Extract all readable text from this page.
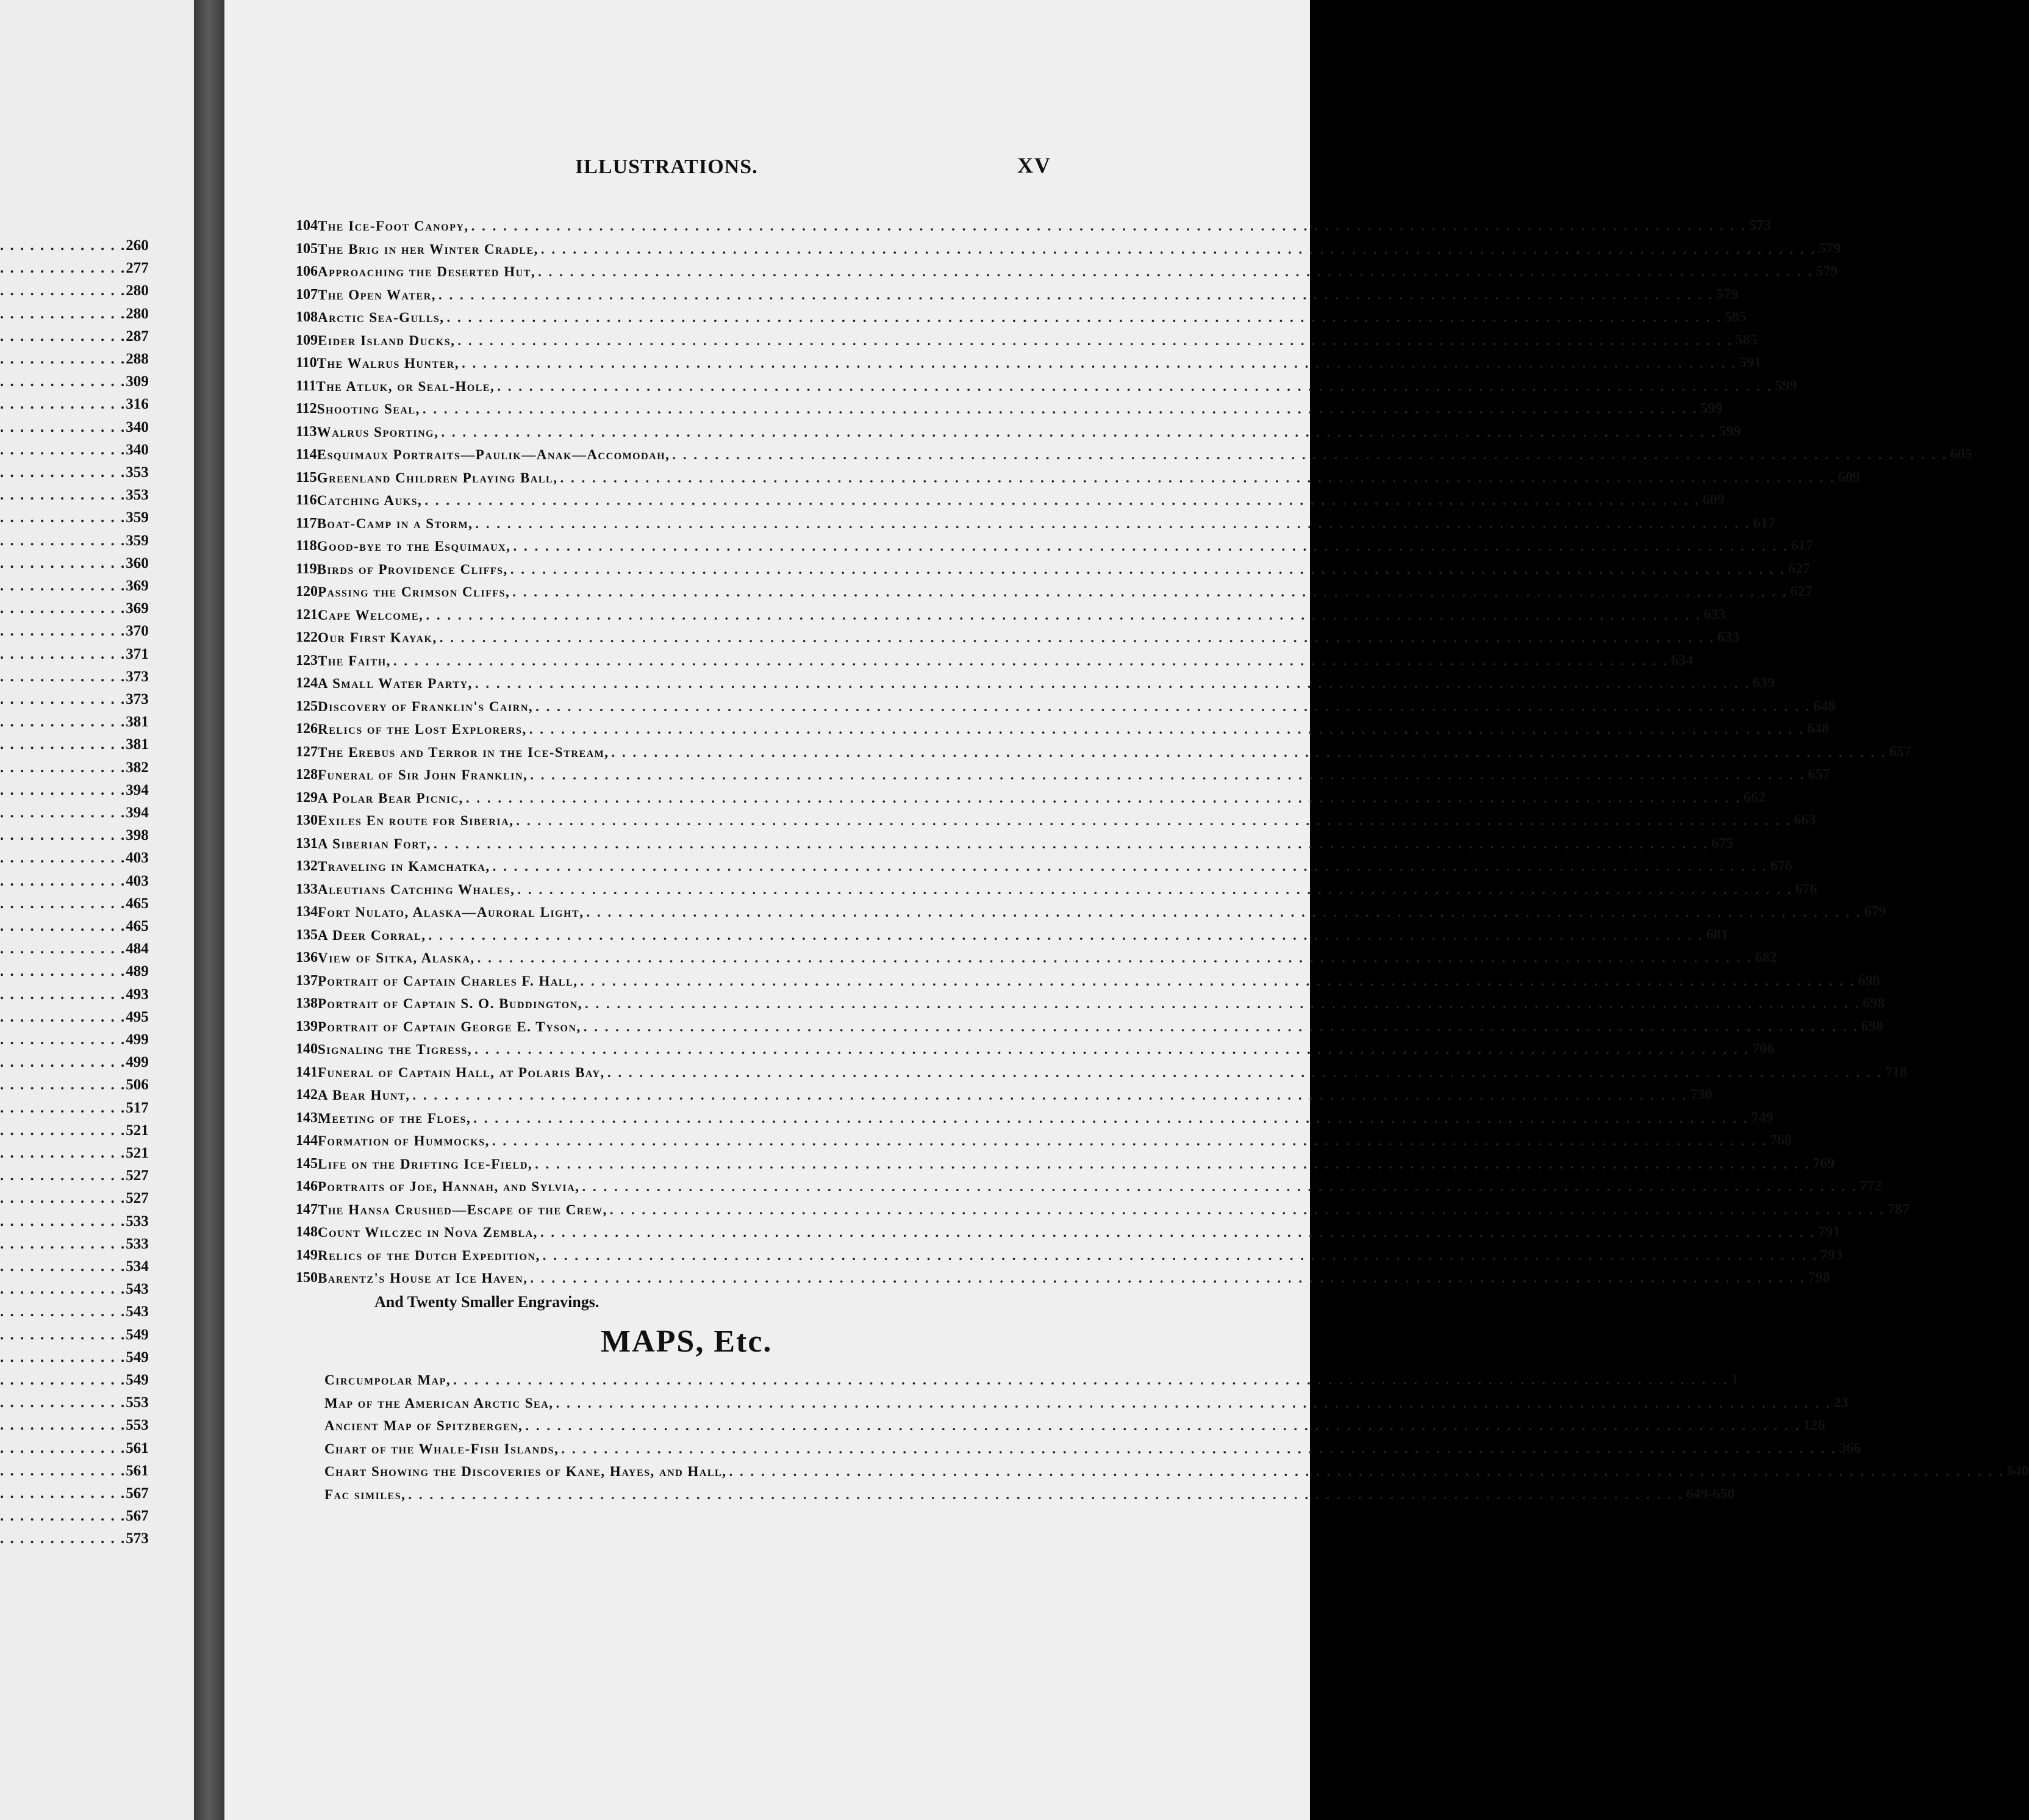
. . . . . . . . . . . . . 260
. . . . . . . . . . . . . 277
. . . . . . . . . . . . . 280
. . . . . . . . . . . . . 280
. . . . . . . . . . . . . 287
. . . . . . . . . . . . . 288
. . . . . . . . . . . . . 309
. . . . . . . . . . . . . 316
. . . . . . . . . . . . . 340
. . . . . . . . . . . . . 340
. . . . . . . . . . . . . 353
. . . . . . . . . . . . . 353
. . . . . . . . . . . . . 359
. . . . . . . . . . . . . 359
. . . . . . . . . . . . . 360
. . . . . . . . . . . . . 369
. . . . . . . . . . . . . 369
. . . . . . . . . . . . . 370
. . . . . . . . . . . . . 371
. . . . . . . . . . . . . 373
. . . . . . . . . . . . . 373
. . . . . . . . . . . . . 381
. . . . . . . . . . . . . 381
. . . . . . . . . . . . . 382
. . . . . . . . . . . . . 394
. . . . . . . . . . . . . 394
. . . . . . . . . . . . . 398
. . . . . . . . . . . . . 403
. . . . . . . . . . . . . 403
. . . . . . . . . . . . . 465
. . . . . . . . . . . . . 465
. . . . . . . . . . . . . 484
. . . . . . . . . . . . . 489
. . . . . . . . . . . . . 493
. . . . . . . . . . . . . 495
. . . . . . . . . . . . . 499
. . . . . . . . . . . . . 499
. . . . . . . . . . . . . 506
. . . . . . . . . . . . . 517
. . . . . . . . . . . . . 521
. . . . . . . . . . . . . 521
. . . . . . . . . . . . . 527
. . . . . . . . . . . . . 527
. . . . . . . . . . . . . 533
. . . . . . . . . . . . . 533
. . . . . . . . . . . . . 534
. . . . . . . . . . . . . 543
. . . . . . . . . . . . . 543
. . . . . . . . . . . . . 549
. . . . . . . . . . . . . 549
. . . . . . . . . . . . . 549
. . . . . . . . . . . . . 553
. . . . . . . . . . . . . 553
. . . . . . . . . . . . . 561
. . . . . . . . . . . . . 561
. . . . . . . . . . . . . 567
. . . . . . . . . . . . . 567
. . . . . . . . . . . . . 573
ILLUSTRATIONS.	XV
104 The Ice-Foot Canopy, . . . . . . . . . . . . . . . . . . . . . . . . . . . . . . . . . . . . . . . . . . . . . . . . . . . . . . . . . . . . . . . . . . . . . . . . . . . . . . . . . . . . . . . . . . . . . . . . . . . . . . . . . . . . . . . . . . . . . . . . 573
105 The Brig in her Winter Cradle, . . . . . . . . . . . . . . . . . . . . . . . . . . . . . . . . . . . . . . . . . . . . . . . . . . . . . . . . . . . . . . . . . . . . . . . . . . . . . . . . . . . . . . . . . . . . . . . . . . . . . . . . . . . . . . . . . . . . . . . . 579
106 Approaching the Deserted Hut, . . . . . . . . . . . . . . . . . . . . . . . . . . . . . . . . . . . . . . . . . . . . . . . . . . . . . . . . . . . . . . . . . . . . . . . . . . . . . . . . . . . . . . . . . . . . . . . . . . . . . . . . . . . . . . . . . . . . . . . . 579
107 The Open Water, . . . . . . . . . . . . . . . . . . . . . . . . . . . . . . . . . . . . . . . . . . . . . . . . . . . . . . . . . . . . . . . . . . . . . . . . . . . . . . . . . . . . . . . . . . . . . . . . . . . . . . . . . . . . . . . . . . . . . . . . 579
108 Arctic Sea-Gulls, . . . . . . . . . . . . . . . . . . . . . . . . . . . . . . . . . . . . . . . . . . . . . . . . . . . . . . . . . . . . . . . . . . . . . . . . . . . . . . . . . . . . . . . . . . . . . . . . . . . . . . . . . . . . . . . . . . . . . . . . 585
109 Eider Island Ducks, . . . . . . . . . . . . . . . . . . . . . . . . . . . . . . . . . . . . . . . . . . . . . . . . . . . . . . . . . . . . . . . . . . . . . . . . . . . . . . . . . . . . . . . . . . . . . . . . . . . . . . . . . . . . . . . . . . . . . . . . 585
110 The Walrus Hunter, . . . . . . . . . . . . . . . . . . . . . . . . . . . . . . . . . . . . . . . . . . . . . . . . . . . . . . . . . . . . . . . . . . . . . . . . . . . . . . . . . . . . . . . . . . . . . . . . . . . . . . . . . . . . . . . . . . . . . . . . 591
111 The Atluk, or Seal-Hole, . . . . . . . . . . . . . . . . . . . . . . . . . . . . . . . . . . . . . . . . . . . . . . . . . . . . . . . . . . . . . . . . . . . . . . . . . . . . . . . . . . . . . . . . . . . . . . . . . . . . . . . . . . . . . . . . . . . . . . . . 599
112 Shooting Seal, . . . . . . . . . . . . . . . . . . . . . . . . . . . . . . . . . . . . . . . . . . . . . . . . . . . . . . . . . . . . . . . . . . . . . . . . . . . . . . . . . . . . . . . . . . . . . . . . . . . . . . . . . . . . . . . . . . . . . . . . 599
113 Walrus Sporting, . . . . . . . . . . . . . . . . . . . . . . . . . . . . . . . . . . . . . . . . . . . . . . . . . . . . . . . . . . . . . . . . . . . . . . . . . . . . . . . . . . . . . . . . . . . . . . . . . . . . . . . . . . . . . . . . . . . . . . . . 599
114 Esquimaux Portraits—Paulik—Anak—Accomodah, . . . . . . . . . . . . . . . . . . . . . . . . . . . . . . . . . . . . . . . . . . . . . . . . . . . . . . . . . . . . . . . . . . . . . . . . . . . . . . . . . . . . . . . . . . . . . . . . . . . . . . . . . . . . . . . . . . . . . . . . 605
115 Greenland Children Playing Ball, . . . . . . . . . . . . . . . . . . . . . . . . . . . . . . . . . . . . . . . . . . . . . . . . . . . . . . . . . . . . . . . . . . . . . . . . . . . . . . . . . . . . . . . . . . . . . . . . . . . . . . . . . . . . . . . . . . . . . . . . 609
116 Catching Auks, . . . . . . . . . . . . . . . . . . . . . . . . . . . . . . . . . . . . . . . . . . . . . . . . . . . . . . . . . . . . . . . . . . . . . . . . . . . . . . . . . . . . . . . . . . . . . . . . . . . . . . . . . . . . . . . . . . . . . . . . 609
117 Boat-Camp in a Storm, . . . . . . . . . . . . . . . . . . . . . . . . . . . . . . . . . . . . . . . . . . . . . . . . . . . . . . . . . . . . . . . . . . . . . . . . . . . . . . . . . . . . . . . . . . . . . . . . . . . . . . . . . . . . . . . . . . . . . . . . 617
118 Good-bye to the Esquimaux, . . . . . . . . . . . . . . . . . . . . . . . . . . . . . . . . . . . . . . . . . . . . . . . . . . . . . . . . . . . . . . . . . . . . . . . . . . . . . . . . . . . . . . . . . . . . . . . . . . . . . . . . . . . . . . . . . . . . . . . . 617
119 Birds of Providence Cliffs, . . . . . . . . . . . . . . . . . . . . . . . . . . . . . . . . . . . . . . . . . . . . . . . . . . . . . . . . . . . . . . . . . . . . . . . . . . . . . . . . . . . . . . . . . . . . . . . . . . . . . . . . . . . . . . . . . . . . . . . . 627
120 Passing the Crimson Cliffs, . . . . . . . . . . . . . . . . . . . . . . . . . . . . . . . . . . . . . . . . . . . . . . . . . . . . . . . . . . . . . . . . . . . . . . . . . . . . . . . . . . . . . . . . . . . . . . . . . . . . . . . . . . . . . . . . . . . . . . . . 627
121 Cape Welcome, . . . . . . . . . . . . . . . . . . . . . . . . . . . . . . . . . . . . . . . . . . . . . . . . . . . . . . . . . . . . . . . . . . . . . . . . . . . . . . . . . . . . . . . . . . . . . . . . . . . . . . . . . . . . . . . . . . . . . . . . 633
122 Our First Kayak, . . . . . . . . . . . . . . . . . . . . . . . . . . . . . . . . . . . . . . . . . . . . . . . . . . . . . . . . . . . . . . . . . . . . . . . . . . . . . . . . . . . . . . . . . . . . . . . . . . . . . . . . . . . . . . . . . . . . . . . . 633
123 The Faith, . . . . . . . . . . . . . . . . . . . . . . . . . . . . . . . . . . . . . . . . . . . . . . . . . . . . . . . . . . . . . . . . . . . . . . . . . . . . . . . . . . . . . . . . . . . . . . . . . . . . . . . . . . . . . . . . . . . . . . . . 634
124 A Small Water Party, . . . . . . . . . . . . . . . . . . . . . . . . . . . . . . . . . . . . . . . . . . . . . . . . . . . . . . . . . . . . . . . . . . . . . . . . . . . . . . . . . . . . . . . . . . . . . . . . . . . . . . . . . . . . . . . . . . . . . . . . 639
125 Discovery of Franklin's Cairn, . . . . . . . . . . . . . . . . . . . . . . . . . . . . . . . . . . . . . . . . . . . . . . . . . . . . . . . . . . . . . . . . . . . . . . . . . . . . . . . . . . . . . . . . . . . . . . . . . . . . . . . . . . . . . . . . . . . . . . . . 648
126 Relics of the Lost Explorers, . . . . . . . . . . . . . . . . . . . . . . . . . . . . . . . . . . . . . . . . . . . . . . . . . . . . . . . . . . . . . . . . . . . . . . . . . . . . . . . . . . . . . . . . . . . . . . . . . . . . . . . . . . . . . . . . . . . . . . . . 648
127 The Erebus and Terror in the Ice-Stream, . . . . . . . . . . . . . . . . . . . . . . . . . . . . . . . . . . . . . . . . . . . . . . . . . . . . . . . . . . . . . . . . . . . . . . . . . . . . . . . . . . . . . . . . . . . . . . . . . . . . . . . . . . . . . . . . . . . . . . . . 657
128 Funeral of Sir John Franklin, . . . . . . . . . . . . . . . . . . . . . . . . . . . . . . . . . . . . . . . . . . . . . . . . . . . . . . . . . . . . . . . . . . . . . . . . . . . . . . . . . . . . . . . . . . . . . . . . . . . . . . . . . . . . . . . . . . . . . . . . 657
129 A Polar Bear Picnic, . . . . . . . . . . . . . . . . . . . . . . . . . . . . . . . . . . . . . . . . . . . . . . . . . . . . . . . . . . . . . . . . . . . . . . . . . . . . . . . . . . . . . . . . . . . . . . . . . . . . . . . . . . . . . . . . . . . . . . . . 662
130 Exiles En route for Siberia, . . . . . . . . . . . . . . . . . . . . . . . . . . . . . . . . . . . . . . . . . . . . . . . . . . . . . . . . . . . . . . . . . . . . . . . . . . . . . . . . . . . . . . . . . . . . . . . . . . . . . . . . . . . . . . . . . . . . . . . . 663
131 A Siberian Fort, . . . . . . . . . . . . . . . . . . . . . . . . . . . . . . . . . . . . . . . . . . . . . . . . . . . . . . . . . . . . . . . . . . . . . . . . . . . . . . . . . . . . . . . . . . . . . . . . . . . . . . . . . . . . . . . . . . . . . . . . 675
132 Traveling in Kamchatka, . . . . . . . . . . . . . . . . . . . . . . . . . . . . . . . . . . . . . . . . . . . . . . . . . . . . . . . . . . . . . . . . . . . . . . . . . . . . . . . . . . . . . . . . . . . . . . . . . . . . . . . . . . . . . . . . . . . . . . . . 676
133 Aleutians Catching Whales, . . . . . . . . . . . . . . . . . . . . . . . . . . . . . . . . . . . . . . . . . . . . . . . . . . . . . . . . . . . . . . . . . . . . . . . . . . . . . . . . . . . . . . . . . . . . . . . . . . . . . . . . . . . . . . . . . . . . . . . . 676
134 Fort Nulato, Alaska—Auroral Light, . . . . . . . . . . . . . . . . . . . . . . . . . . . . . . . . . . . . . . . . . . . . . . . . . . . . . . . . . . . . . . . . . . . . . . . . . . . . . . . . . . . . . . . . . . . . . . . . . . . . . . . . . . . . . . . . . . . . . . . . 679
135 A Deer Corral, . . . . . . . . . . . . . . . . . . . . . . . . . . . . . . . . . . . . . . . . . . . . . . . . . . . . . . . . . . . . . . . . . . . . . . . . . . . . . . . . . . . . . . . . . . . . . . . . . . . . . . . . . . . . . . . . . . . . . . . . 681
136 View of Sitka, Alaska, . . . . . . . . . . . . . . . . . . . . . . . . . . . . . . . . . . . . . . . . . . . . . . . . . . . . . . . . . . . . . . . . . . . . . . . . . . . . . . . . . . . . . . . . . . . . . . . . . . . . . . . . . . . . . . . . . . . . . . . . 682
137 Portrait of Captain Charles F. Hall, . . . . . . . . . . . . . . . . . . . . . . . . . . . . . . . . . . . . . . . . . . . . . . . . . . . . . . . . . . . . . . . . . . . . . . . . . . . . . . . . . . . . . . . . . . . . . . . . . . . . . . . . . . . . . . . . . . . . . . . . 698
138 Portrait of Captain S. O. Buddington, . . . . . . . . . . . . . . . . . . . . . . . . . . . . . . . . . . . . . . . . . . . . . . . . . . . . . . . . . . . . . . . . . . . . . . . . . . . . . . . . . . . . . . . . . . . . . . . . . . . . . . . . . . . . . . . . . . . . . . . . 698
139 Portrait of Captain George E. Tyson, . . . . . . . . . . . . . . . . . . . . . . . . . . . . . . . . . . . . . . . . . . . . . . . . . . . . . . . . . . . . . . . . . . . . . . . . . . . . . . . . . . . . . . . . . . . . . . . . . . . . . . . . . . . . . . . . . . . . . . . . 698
140 Signaling the Tigress, . . . . . . . . . . . . . . . . . . . . . . . . . . . . . . . . . . . . . . . . . . . . . . . . . . . . . . . . . . . . . . . . . . . . . . . . . . . . . . . . . . . . . . . . . . . . . . . . . . . . . . . . . . . . . . . . . . . . . . . . 706
141 Funeral of Captain Hall, at Polaris Bay, . . . . . . . . . . . . . . . . . . . . . . . . . . . . . . . . . . . . . . . . . . . . . . . . . . . . . . . . . . . . . . . . . . . . . . . . . . . . . . . . . . . . . . . . . . . . . . . . . . . . . . . . . . . . . . . . . . . . . . . . 718
142 A Bear Hunt, . . . . . . . . . . . . . . . . . . . . . . . . . . . . . . . . . . . . . . . . . . . . . . . . . . . . . . . . . . . . . . . . . . . . . . . . . . . . . . . . . . . . . . . . . . . . . . . . . . . . . . . . . . . . . . . . . . . . . . . . 730
143 Meeting of the Floes, . . . . . . . . . . . . . . . . . . . . . . . . . . . . . . . . . . . . . . . . . . . . . . . . . . . . . . . . . . . . . . . . . . . . . . . . . . . . . . . . . . . . . . . . . . . . . . . . . . . . . . . . . . . . . . . . . . . . . . . . 749
144 Formation of Hummocks, . . . . . . . . . . . . . . . . . . . . . . . . . . . . . . . . . . . . . . . . . . . . . . . . . . . . . . . . . . . . . . . . . . . . . . . . . . . . . . . . . . . . . . . . . . . . . . . . . . . . . . . . . . . . . . . . . . . . . . . . 768
145 Life on the Drifting Ice-Field, . . . . . . . . . . . . . . . . . . . . . . . . . . . . . . . . . . . . . . . . . . . . . . . . . . . . . . . . . . . . . . . . . . . . . . . . . . . . . . . . . . . . . . . . . . . . . . . . . . . . . . . . . . . . . . . . . . . . . . . . 769
146 Portraits of Joe, Hannah, and Sylvia, . . . . . . . . . . . . . . . . . . . . . . . . . . . . . . . . . . . . . . . . . . . . . . . . . . . . . . . . . . . . . . . . . . . . . . . . . . . . . . . . . . . . . . . . . . . . . . . . . . . . . . . . . . . . . . . . . . . . . . . . 772
147 The Hansa Crushed—Escape of the Crew, . . . . . . . . . . . . . . . . . . . . . . . . . . . . . . . . . . . . . . . . . . . . . . . . . . . . . . . . . . . . . . . . . . . . . . . . . . . . . . . . . . . . . . . . . . . . . . . . . . . . . . . . . . . . . . . . . . . . . . . . 787
148 Count Wilczec in Nova Zembla, . . . . . . . . . . . . . . . . . . . . . . . . . . . . . . . . . . . . . . . . . . . . . . . . . . . . . . . . . . . . . . . . . . . . . . . . . . . . . . . . . . . . . . . . . . . . . . . . . . . . . . . . . . . . . . . . . . . . . . . . 791
149 Relics of the Dutch Expedition, . . . . . . . . . . . . . . . . . . . . . . . . . . . . . . . . . . . . . . . . . . . . . . . . . . . . . . . . . . . . . . . . . . . . . . . . . . . . . . . . . . . . . . . . . . . . . . . . . . . . . . . . . . . . . . . . . . . . . . . . 793
150 Barentz's House at Ice Haven, . . . . . . . . . . . . . . . . . . . . . . . . . . . . . . . . . . . . . . . . . . . . . . . . . . . . . . . . . . . . . . . . . . . . . . . . . . . . . . . . . . . . . . . . . . . . . . . . . . . . . . . . . . . . . . . . . . . . . . . . 798
And Twenty Smaller Engravings.
MAPS, Etc.
Circumpolar Map, . . . . . . . . . . . . . . . . . . . . . . . . . . . . . . . . . . . . . . . . . . . . . . . . . . . . . . . . . . . . . . . . . . . . . . . . . . . . . . . . . . . . . . . . . . . . . . . . . . . . . . . . . . . . . . . . . . . . . . . . 1
Map of the American Arctic Sea, . . . . . . . . . . . . . . . . . . . . . . . . . . . . . . . . . . . . . . . . . . . . . . . . . . . . . . . . . . . . . . . . . . . . . . . . . . . . . . . . . . . . . . . . . . . . . . . . . . . . . . . . . . . . . . . . . . . . . . . . 23
Ancient Map of Spitzbergen, . . . . . . . . . . . . . . . . . . . . . . . . . . . . . . . . . . . . . . . . . . . . . . . . . . . . . . . . . . . . . . . . . . . . . . . . . . . . . . . . . . . . . . . . . . . . . . . . . . . . . . . . . . . . . . . . . . . . . . . . 126
Chart of the Whale-Fish Islands, . . . . . . . . . . . . . . . . . . . . . . . . . . . . . . . . . . . . . . . . . . . . . . . . . . . . . . . . . . . . . . . . . . . . . . . . . . . . . . . . . . . . . . . . . . . . . . . . . . . . . . . . . . . . . . . . . . . . . . . . 366
Chart Showing the Discoveries of Kane, Hayes, and Hall, . . . . . . . . . . . . . . . . . . . . . . . . . . . . . . . . . . . . . . . . . . . . . . . . . . . . . . . . . . . . . . . . . . . . . . . . . . . . . . . . . . . . . . . . . . . . . . . . . . . . . . . . . . . . . . . . . . . . . . . . 640
Fac similes, . . . . . . . . . . . . . . . . . . . . . . . . . . . . . . . . . . . . . . . . . . . . . . . . . . . . . . . . . . . . . . . . . . . . . . . . . . . . . . . . . . . . . . . . . . . . . . . . . . . . . . . . . . . . . . . . . . . . . . . . 649-650
